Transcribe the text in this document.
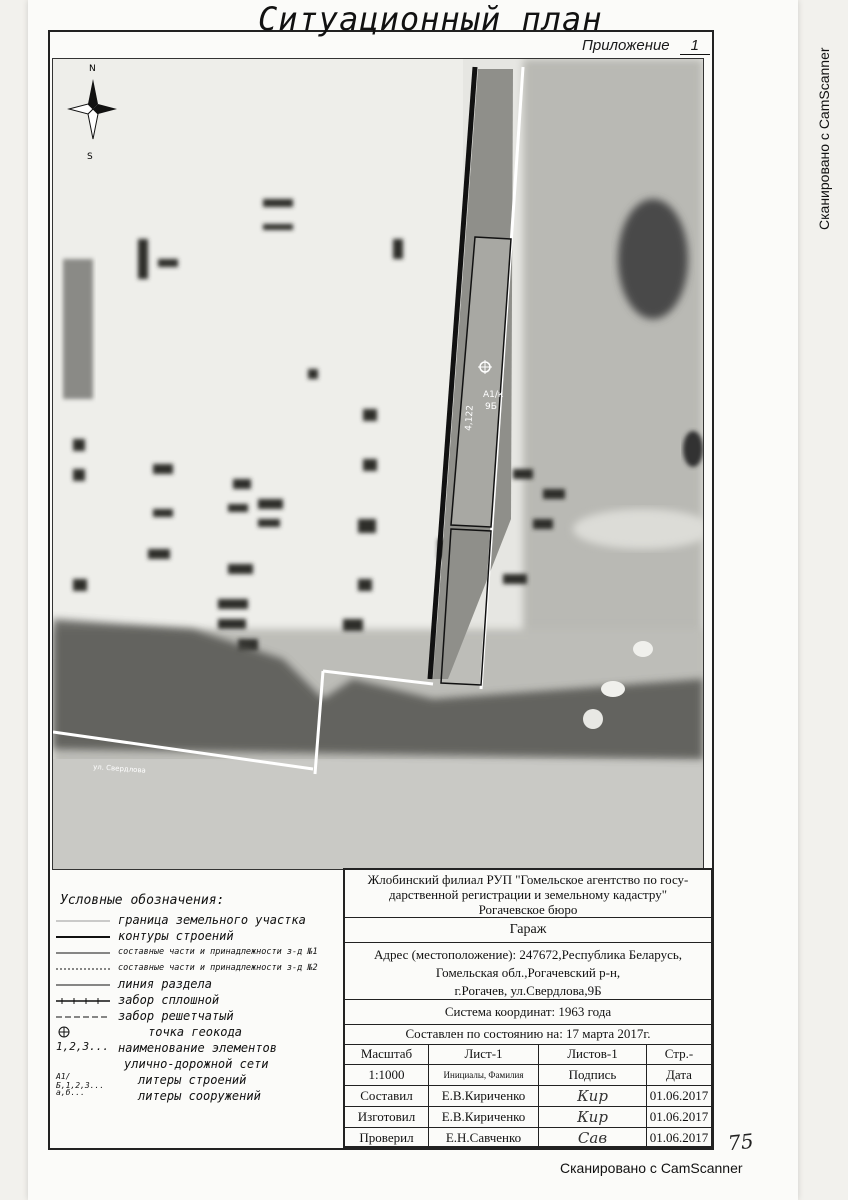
Ситуационный план
Приложение 1
N
S
A1/к
9Б
4,122
ул. Свердлова
Условные обозначения:
граница земельного участка
контуры строений
составные части и принадлежности з-д №1
составные части и принадлежности з-д №2
линия раздела
забор сплошной
забор решетчатый
точка геокода
1,2,3... наименование элементов
улично-дорожной сети
А1/Б,1,2,3...	литеры строений
а,б...	литеры сооружений
Жлобинский филиал РУП "Гомельское агентство по госу-
дарственной регистрации и земельному кадастру"
Рогачевское бюро
Гараж
Адрес (местоположение): 247672,Республика Беларусь,
Гомельская обл.,Рогачевский р-н,
г.Рогачев, ул.Свердлова,9Б
Система координат: 1963 года
Составлен по состоянию на: 17 марта 2017г.
Масштаб	Лист-1	Листов-1	Стр.-
1:1000	Инициалы, Фамилия	Подпись	Дата
Составил	Е.В.Кириченко	Кир	01.06.2017
Изготовил	Е.В.Кириченко	Кир	01.06.2017
Проверил	Е.Н.Савченко	Сав	01.06.2017 75
Сканировано с CamScanner
Сканировано с CamScanner
